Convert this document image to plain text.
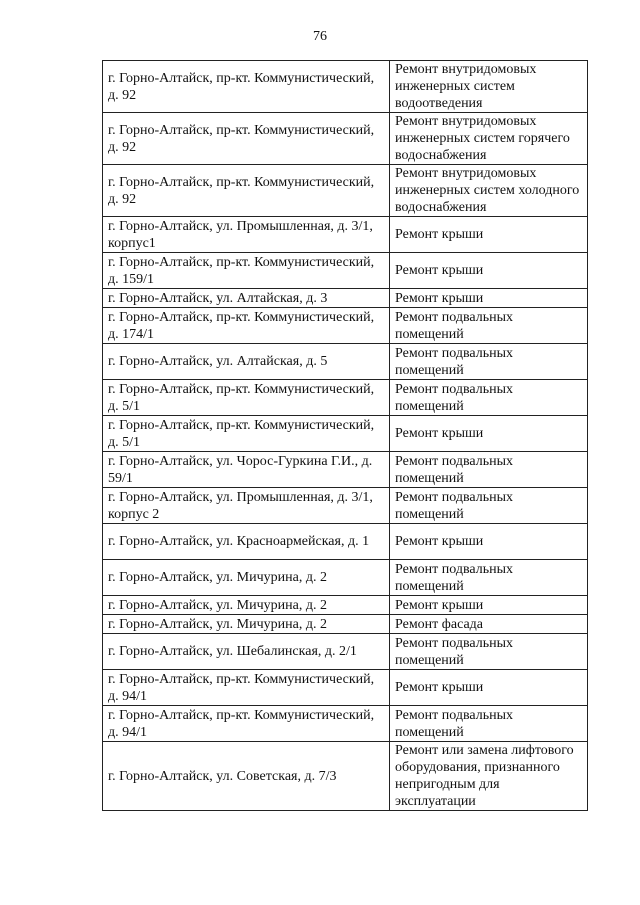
76
г. Горно-Алтайск, пр-кт. Коммунистический, д. 92	Ремонт внутридомовых инженерных систем водоотведения
г. Горно-Алтайск, пр-кт. Коммунистический, д. 92	Ремонт внутридомовых инженерных систем горячего водоснабжения
г. Горно-Алтайск, пр-кт. Коммунистический, д. 92	Ремонт внутридомовых инженерных систем холодного водоснабжения
г. Горно-Алтайск, ул. Промышленная, д. 3/1, корпус1	Ремонт крыши
г. Горно-Алтайск, пр-кт. Коммунистический, д. 159/1	Ремонт крыши
г. Горно-Алтайск, ул. Алтайская, д. 3	Ремонт крыши
г. Горно-Алтайск, пр-кт. Коммунистический, д. 174/1	Ремонт подвальных помещений
г. Горно-Алтайск, ул. Алтайская, д. 5	Ремонт подвальных помещений
г. Горно-Алтайск, пр-кт. Коммунистический, д. 5/1	Ремонт подвальных помещений
г. Горно-Алтайск, пр-кт. Коммунистический, д. 5/1	Ремонт крыши
г. Горно-Алтайск, ул. Чорос-Гуркина Г.И., д. 59/1	Ремонт подвальных помещений
г. Горно-Алтайск, ул. Промышленная, д. 3/1, корпус 2	Ремонт подвальных помещений
г. Горно-Алтайск, ул. Красноармейская, д. 1	Ремонт крыши
г. Горно-Алтайск, ул. Мичурина, д. 2	Ремонт подвальных помещений
г. Горно-Алтайск, ул. Мичурина, д. 2	Ремонт крыши
г. Горно-Алтайск, ул. Мичурина, д. 2	Ремонт фасада
г. Горно-Алтайск, ул. Шебалинская, д. 2/1	Ремонт подвальных помещений
г. Горно-Алтайск, пр-кт. Коммунистический, д. 94/1	Ремонт крыши
г. Горно-Алтайск, пр-кт. Коммунистический, д. 94/1	Ремонт подвальных помещений
г. Горно-Алтайск, ул. Советская, д. 7/3	Ремонт или замена лифтового оборудования, признанного непригодным для эксплуатации
